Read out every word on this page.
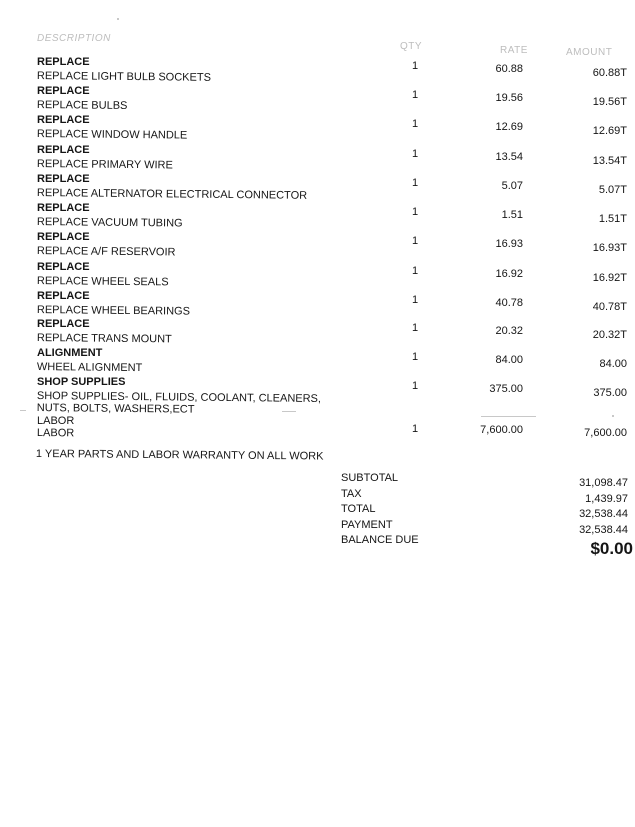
DESCRIPTION
QTY	RATE	AMOUNT
REPLACE
REPLACE LIGHT BULB SOCKETS
1	60.88	60.88T
REPLACE
REPLACE BULBS
1	19.56	19.56T
REPLACE
REPLACE WINDOW HANDLE
1	12.69	12.69T
REPLACE
REPLACE PRIMARY WIRE
1	13.54	13.54T
REPLACE
REPLACE ALTERNATOR ELECTRICAL CONNECTOR
1	5.07	5.07T
REPLACE
REPLACE VACUUM TUBING
1	1.51	1.51T
REPLACE
REPLACE A/F RESERVOIR
1	16.93	16.93T
REPLACE
REPLACE WHEEL SEALS
1	16.92	16.92T
REPLACE
REPLACE WHEEL BEARINGS
1	40.78	40.78T
REPLACE
REPLACE TRANS MOUNT
1	20.32	20.32T
ALIGNMENT
WHEEL ALIGNMENT
1	84.00	84.00
SHOP SUPPLIES
SHOP SUPPLIES- OIL, FLUIDS, COOLANT, CLEANERS, NUTS, BOLTS, WASHERS,ECT
1	375.00	375.00
LABOR
LABOR	1	7,600.00	7,600.00
1 YEAR PARTS AND LABOR WARRANTY ON ALL WORK
SUBTOTAL	31,098.47
TAX	1,439.97
TOTAL	32,538.44
PAYMENT	32,538.44
BALANCE DUE	$0.00
